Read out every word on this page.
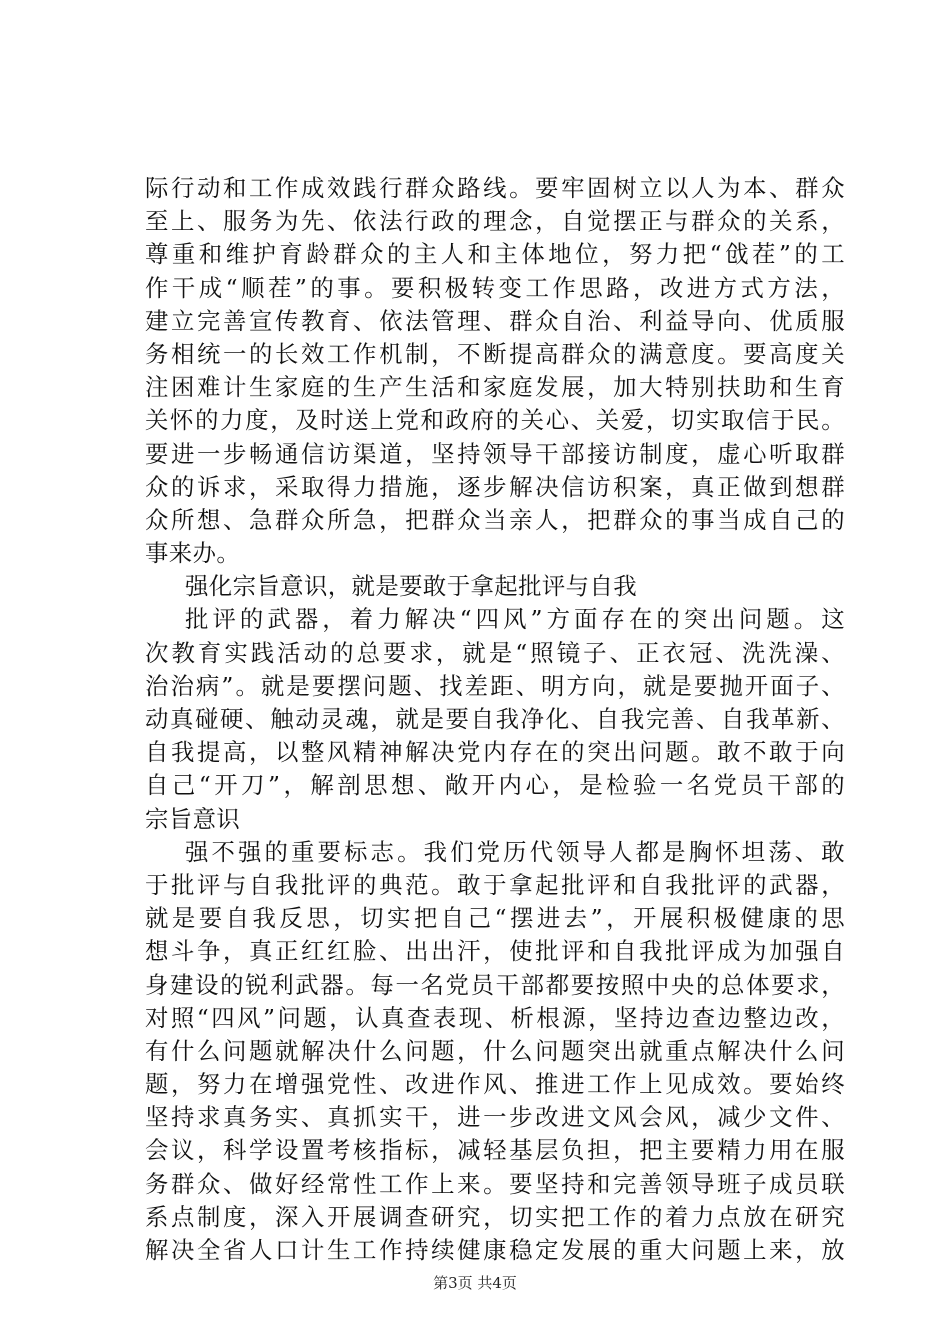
际行动和工作成效践行群众路线。要牢固树立以人为本、群众
至上、服务为先、依法行政的理念，自觉摆正与群众的关系，
尊重和维护育龄群众的主人和主体地位，努力把“戗茬”的工
作干成“顺茬”的事。要积极转变工作思路，改进方式方法，
建立完善宣传教育、依法管理、群众自治、利益导向、优质服
务相统一的长效工作机制，不断提高群众的满意度。要高度关
注困难计生家庭的生产生活和家庭发展，加大特别扶助和生育
关怀的力度，及时送上党和政府的关心、关爱，切实取信于民。
要进一步畅通信访渠道，坚持领导干部接访制度，虚心听取群
众的诉求，采取得力措施，逐步解决信访积案，真正做到想群
众所想、急群众所急，把群众当亲人，把群众的事当成自己的
事来办。
强化宗旨意识，就是要敢于拿起批评与自我
批评的武器，着力解决“四风”方面存在的突出问题。这
次教育实践活动的总要求，就是“照镜子、正衣冠、洗洗澡、
治治病”。就是要摆问题、找差距、明方向，就是要抛开面子、
动真碰硬、触动灵魂，就是要自我净化、自我完善、自我革新、
自我提高，以整风精神解决党内存在的突出问题。敢不敢于向
自己“开刀”，解剖思想、敞开内心，是检验一名党员干部的
宗旨意识
强不强的重要标志。我们党历代领导人都是胸怀坦荡、敢
于批评与自我批评的典范。敢于拿起批评和自我批评的武器，
就是要自我反思，切实把自己“摆进去”，开展积极健康的思
想斗争，真正红红脸、出出汗，使批评和自我批评成为加强自
身建设的锐利武器。每一名党员干部都要按照中央的总体要求，
对照“四风”问题，认真查表现、析根源，坚持边查边整边改，
有什么问题就解决什么问题，什么问题突出就重点解决什么问
题，努力在增强党性、改进作风、推进工作上见成效。要始终
坚持求真务实、真抓实干，进一步改进文风会风，减少文件、
会议，科学设置考核指标，减轻基层负担，把主要精力用在服
务群众、做好经常性工作上来。要坚持和完善领导班子成员联
系点制度，深入开展调查研究，切实把工作的着力点放在研究
解决全省人口计生工作持续健康稳定发展的重大问题上来，放
第3页 共4页
